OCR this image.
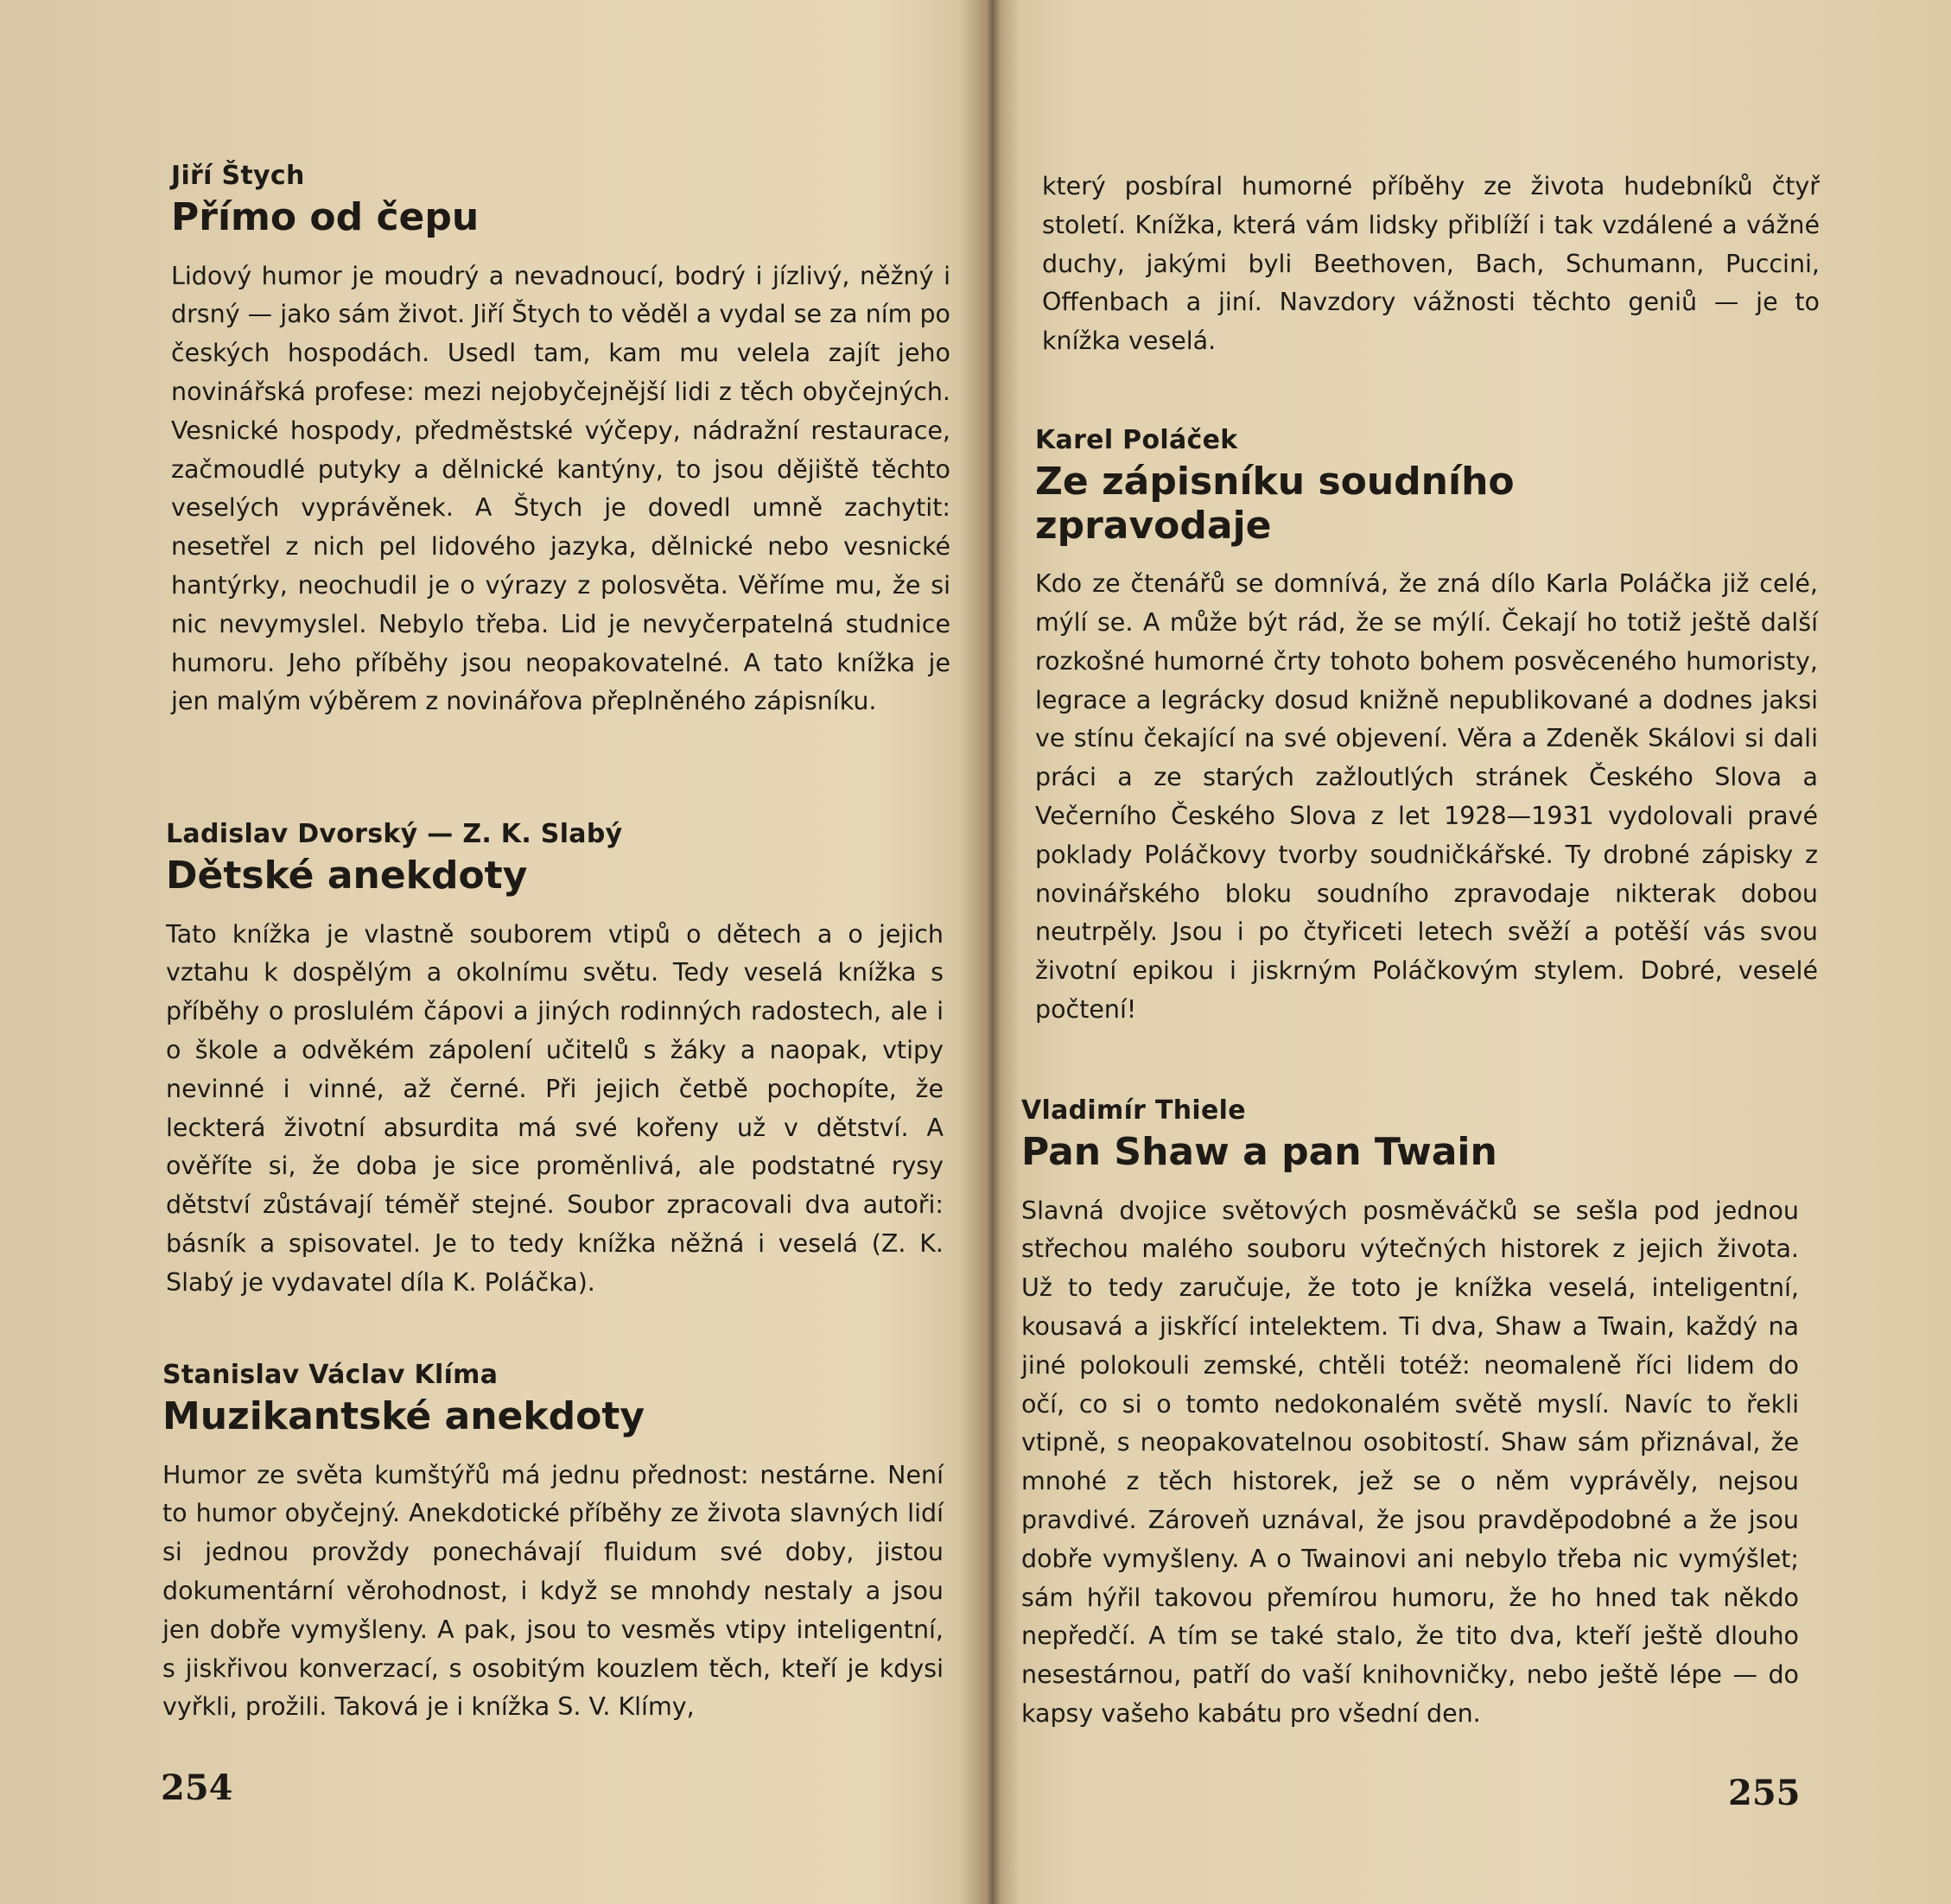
Jiří Štych

Přímo od čepu

Lidový humor je moudrý a nevadnoucí, bodrý i jízlivý, něžný i drsný — jako sám život. Jiří Štych to věděl a vydal se za ním po českých hospodách. Usedl tam, kam mu velela zajít jeho novinářská profese: mezi nejobyčejnější lidi z těch obyčejných. Vesnické hospody, předměstské výčepy, nádražní restaurace, začmoudlé putyky a dělnické kantýny, to jsou dějiště těchto veselých vyprávěnek. A Štych je dovedl umně zachytit: nesetřel z nich pel lidového jazyka, dělnické nebo vesnické hantýrky, neochudil je o výrazy z polosvěta. Věříme mu, že si nic nevymyslel. Nebylo třeba. Lid je nevyčerpatelná studnice humoru. Jeho příběhy jsou neopakovatelné. A tato knížka je jen malým výběrem z novinářova přeplněného zápisníku.

Ladislav Dvorský — Z. K. Slabý

Dětské anekdoty

Tato knížka je vlastně souborem vtipů o dětech a o jejich vztahu k dospělým a okolnímu světu. Tedy veselá knížka s příběhy o proslulém čápovi a jiných rodinných radostech, ale i o škole a odvěkém zápolení učitelů s žáky a naopak, vtipy nevinné i vinné, až černé. Při jejich četbě pochopíte, že leckterá životní absurdita má své kořeny už v dětství. A ověříte si, že doba je sice proměnlivá, ale podstatné rysy dětství zůstávají téměř stejné. Soubor zpracovali dva autoři: básník a spisovatel. Je to tedy knížka něžná i veselá (Z. K. Slabý je vydavatel díla K. Poláčka).

Stanislav Václav Klíma

Muzikantské anekdoty

Humor ze světa kumštýřů má jednu přednost: nestárne. Není to humor obyčejný. Anekdotické příběhy ze života slavných lidí si jednou provždy ponechávají fluidum své doby, jistou dokumentární věrohodnost, i když se mnohdy nestaly a jsou jen dobře vymyšleny. A pak, jsou to vesměs vtipy inteligentní, s jiskřivou konverzací, s osobitým kouzlem těch, kteří je kdysi vyřkli, prožili. Taková je i knížka S. V. Klímy,

254

který posbíral humorné příběhy ze života hudebníků čtyř století. Knížka, která vám lidsky přiblíží i tak vzdálené a vážné duchy, jakými byli Beethoven, Bach, Schumann, Puccini, Offenbach a jiní. Navzdory vážnosti těchto geniů — je to knížka veselá.

Karel Poláček

Ze zápisníku soudního zpravodaje

Kdo ze čtenářů se domnívá, že zná dílo Karla Poláčka již celé, mýlí se. A může být rád, že se mýlí. Čekají ho totiž ještě další rozkošné humorné črty tohoto bohem posvěceného humoristy, legrace a legrácky dosud knižně nepublikované a dodnes jaksi ve stínu čekající na své objevení. Věra a Zdeněk Skálovi si dali práci a ze starých zažloutlých stránek Českého Slova a Večerního Českého Slova z let 1928—1931 vydolovali pravé poklady Poláčkovy tvorby soudničkářské. Ty drobné zápisky z novinářského bloku soudního zpravodaje nikterak dobou neutrpěly. Jsou i po čtyřiceti letech svěží a potěší vás svou životní epikou i jiskrným Poláčkovým stylem. Dobré, veselé počtení!

Vladimír Thiele

Pan Shaw a pan Twain

Slavná dvojice světových posměváčků se sešla pod jednou střechou malého souboru výtečných historek z jejich života. Už to tedy zaručuje, že toto je knížka veselá, inteligentní, kousavá a jiskřící intelektem. Ti dva, Shaw a Twain, každý na jiné polokouli zemské, chtěli totéž: neomaleně říci lidem do očí, co si o tomto nedokonalém světě myslí. Navíc to řekli vtipně, s neopakovatelnou osobitostí. Shaw sám přiznával, že mnohé z těch historek, jež se o něm vyprávěly, nejsou pravdivé. Zároveň uznával, že jsou pravděpodobné a že jsou dobře vymyšleny. A o Twainovi ani nebylo třeba nic vymýšlet; sám hýřil takovou přemírou humoru, že ho hned tak někdo nepředčí. A tím se také stalo, že tito dva, kteří ještě dlouho nesestárnou, patří do vaší knihovničky, nebo ještě lépe — do kapsy vašeho kabátu pro všední den.

255
